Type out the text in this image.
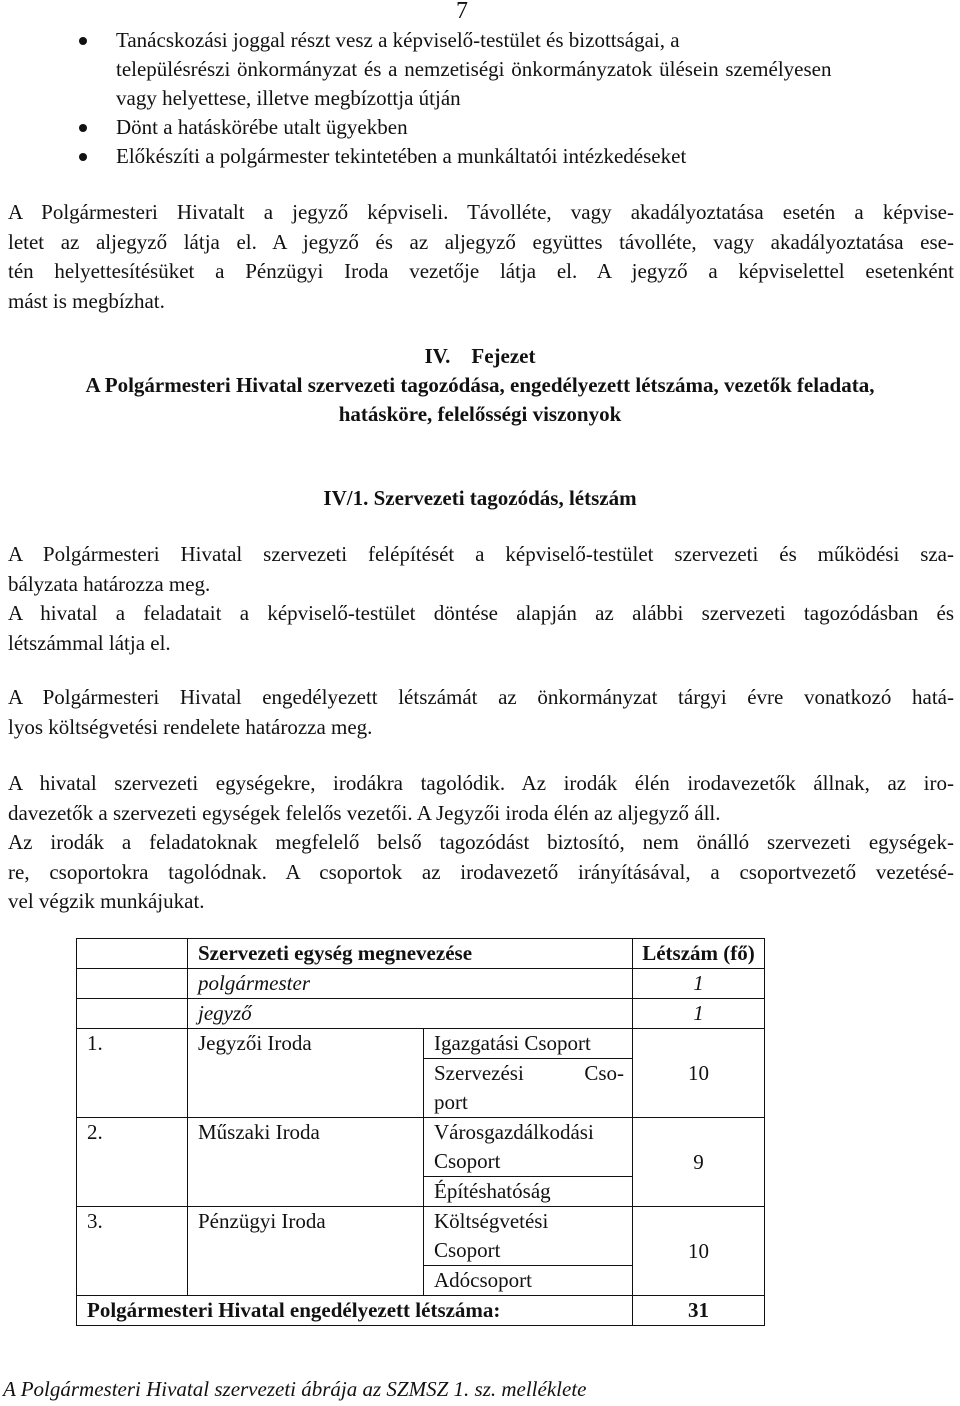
7
Tanácskozási joggal részt vesz a képviselő-testület és bizottságai, a
településrészi önkormányzat és a nemzetiségi önkormányzatok ülésein személyesen
vagy helyettese, illetve megbízottja útján
Dönt a hatáskörébe utalt ügyekben
Előkészíti a polgármester tekintetében a munkáltatói intézkedéseket
A Polgármesteri Hivatalt a jegyző képviseli. Távolléte, vagy akadályoztatása esetén a képvise-
letet az aljegyző látja el. A jegyző és az aljegyző együttes távolléte, vagy akadályoztatása ese-
tén helyettesítésüket a Pénzügyi Iroda vezetője látja el. A jegyző a képviselettel esetenként
mást is megbízhat.
IV. Fejezet
A Polgármesteri Hivatal szervezeti tagozódása, engedélyezett létszáma, vezetők feladata,
hatásköre, felelősségi viszonyok
IV/1. Szervezeti tagozódás, létszám
A Polgármesteri Hivatal szervezeti felépítését a képviselő-testület szervezeti és működési sza-
bályzata határozza meg.
A hivatal a feladatait a képviselő-testület döntése alapján az alábbi szervezeti tagozódásban és
létszámmal látja el.
A Polgármesteri Hivatal engedélyezett létszámát az önkormányzat tárgyi évre vonatkozó hatá-
lyos költségvetési rendelete határozza meg.
A hivatal szervezeti egységekre, irodákra tagolódik. Az irodák élén irodavezetők állnak, az iro-
davezetők a szervezeti egységek felelős vezetői. A Jegyzői iroda élén az aljegyző áll.
Az irodák a feladatoknak megfelelő belső tagozódást biztosító, nem önálló szervezeti egységek-
re, csoportokra tagolódnak. A csoportok az irodavezető irányításával, a csoportvezető vezetésé-
vel végzik munkájukat.
	Szervezeti egység megnevezése		Létszám (fő)
	polgármester		1
	jegyző		1
1.	Jegyzői Iroda	Igazgatási Csoport	10
		Szervezési Cso-	
		port	
2.	Műszaki Iroda	Városgazdálkodási	9
		Csoport	
		Építéshatóság	
3.	Pénzügyi Iroda	Költségvetési	10
		Csoport	
		Adócsoport	
Polgármesteri Hivatal engedélyezett létszáma:			31
A Polgármesteri Hivatal szervezeti ábrája az SZMSZ 1. sz. melléklete
